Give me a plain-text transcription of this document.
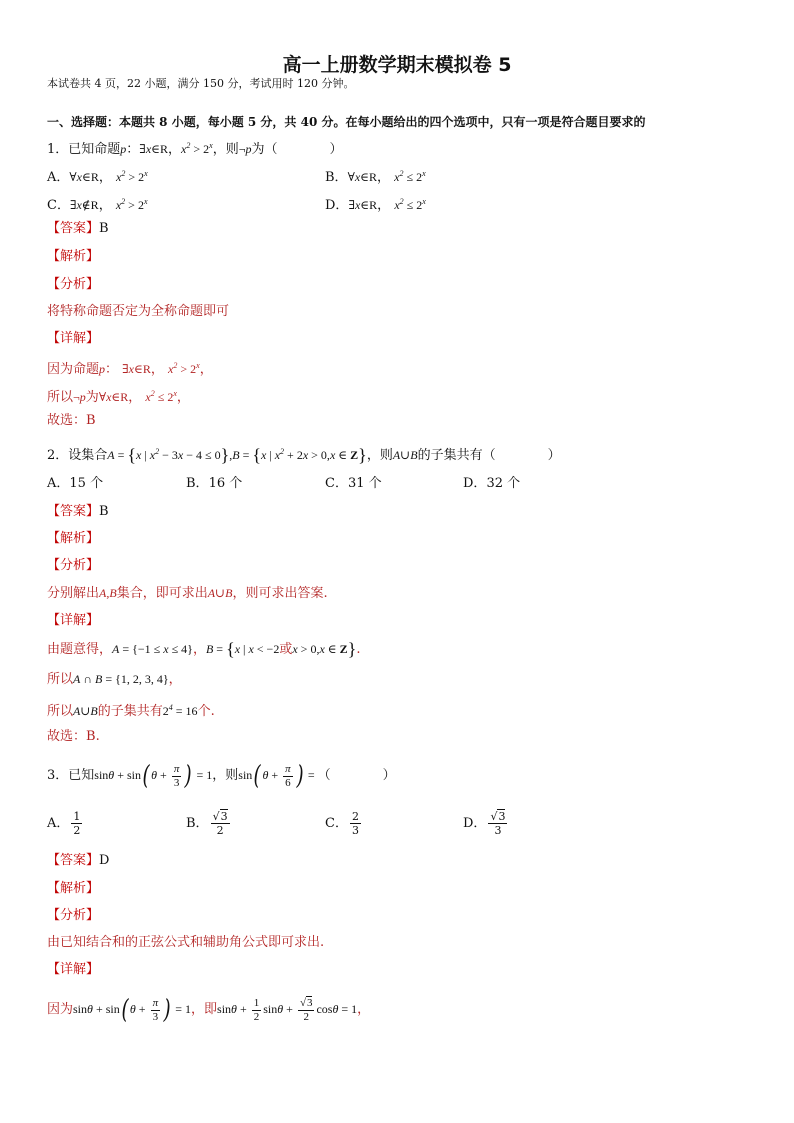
高一上册数学期末模拟卷 5
本试卷共 4 页，22 小题，满分 150 分，考试用时 120 分钟。
一、选择题：本题共 8 小题，每小题 5 分，共 40 分。在每小题给出的四个选项中，只有一项是符合题目要求的
1．已知命题p：∃x∈R，$x^2 > 2^x$，则¬p为（　　　　）
A．∀x∈R， $x^2 > 2^x$	B．∀x∈R， $x^2 \le 2^x$
C．∃x∉R， $x^2 > 2^x$	D．∃x∈R， $x^2 \le 2^x$
【答案】B
【解析】
【分析】
将特称命题否定为全称命题即可
【详解】
因为命题p： ∃x∈R， $x^2 > 2^x$，
所以¬p为∀x∈R， $x^2 \le 2^x$，
故选：B
2．设集合A = {x | $x^2 - 3x - 4 \le 0\},B = \{x$ | $x^2 + 2x > 0,x$ ∈ Z}，则A∪B的子集共有（　　　　）
A．15 个	B．16 个	C．31 个	D．32 个
【答案】B
【解析】
【分析】
分别解出A,B集合，即可求出A∪B，则可求出答案.
【详解】
由题意得，A = {−1 ≤ x ≤ 4}，B = {x | x < −2或x > 0,x ∈ Z}.
所以A ∩ B = {1, 2, 3, 4}，
所以A∪B的子集共有$2^4 = 16$个.
故选：B.
3．已知sinθ + sin( $\theta + \frac{\pi}{3}$ ) = 1，则sin( $\theta + \frac{\pi}{6}$ ) = （　　　　）
A． $\frac{1}{2}$	B． $\frac{√3}{2}$	C． $\frac{2}{3}$	D． $\frac{√3}{3}$
【答案】D
【解析】
【分析】
由已知结合和的正弦公式和辅助角公式即可求出.
【详解】
因为sinθ + sin( $\theta + \frac{\pi}{3}$ ) = 1，即$\sin\theta + \frac{1}{2}$ $\sin\theta + \frac{√3}{2}$ cosθ = 1，
